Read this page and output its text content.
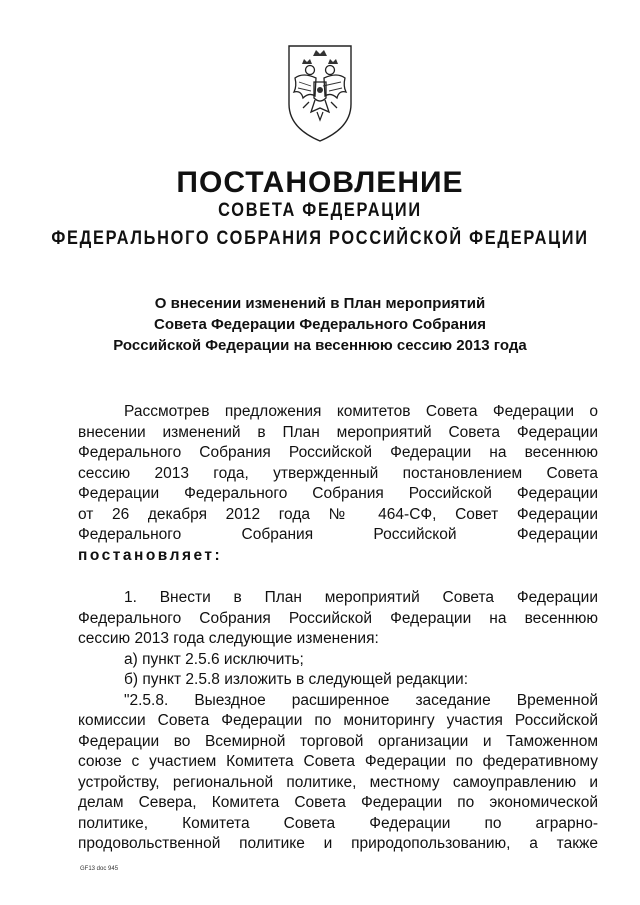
ПОСТАНОВЛЕНИЕ
СОВЕТА ФЕДЕРАЦИИ
ФЕДЕРАЛЬНОГО СОБРАНИЯ РОССИЙСКОЙ ФЕДЕРАЦИИ
О внесении изменений в План мероприятий
Совета Федерации Федерального Собрания
Российской Федерации на весеннюю сессию 2013 года
Рассмотрев предложения комитетов Совета Федерации о
внесении изменений в План мероприятий Совета Федерации
Федерального Собрания Российской Федерации на весеннюю
сессию 2013 года, утвержденный постановлением Совета
Федерации Федерального Собрания Российской Федерации
от 26 декабря 2012 года № 464-СФ, Совет Федерации
Федерального Собрания Российской Федерации
постановляет:
1. Внести в План мероприятий Совета Федерации
Федерального Собрания Российской Федерации на весеннюю
сессию 2013 года следующие изменения:
а) пункт 2.5.6 исключить;
б) пункт 2.5.8 изложить в следующей редакции:
"2.5.8. Выездное расширенное заседание Временной
комиссии Совета Федерации по мониторингу участия Российской
Федерации во Всемирной торговой организации и Таможенном
союзе с участием Комитета Совета Федерации по федеративному
устройству, региональной политике, местному самоуправлению и
делам Севера, Комитета Совета Федерации по экономической
политике, Комитета Совета Федерации по аграрно-
продовольственной политике и природопользованию, а также
GF13 doc 945
